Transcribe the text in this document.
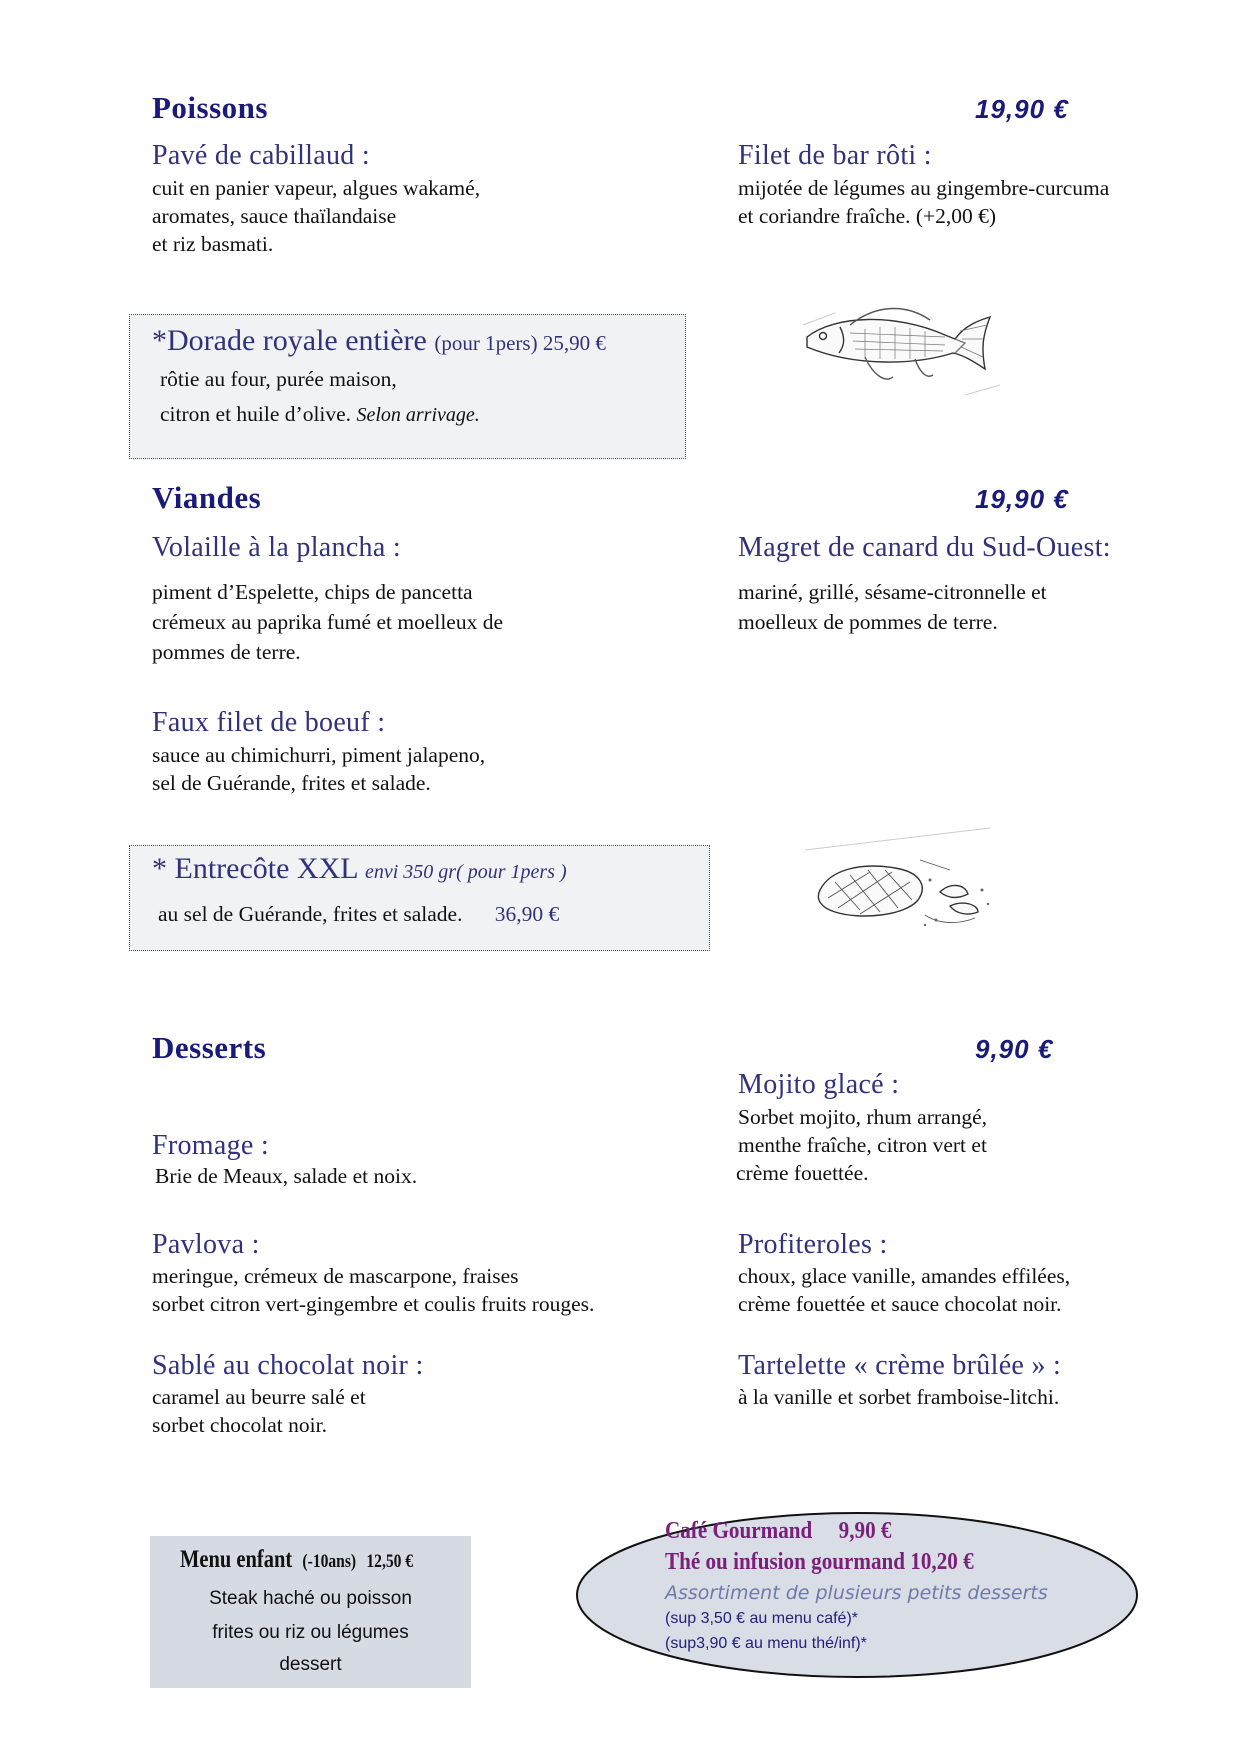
Poissons	19,90 €
Pavé de cabillaud :
cuit en panier vapeur, algues wakamé,
aromates, sauce thaïlandaise
et riz basmati.
Filet de bar rôti :
mijotée de légumes au gingembre-curcuma
et coriandre fraîche. (+2,00 €)
*Dorade royale entière (pour 1pers) 25,90 €
rôtie au four, purée maison,
citron et huile d’olive. Selon arrivage.
Viandes	19,90 €
Volaille à la plancha :
piment d’Espelette, chips de pancetta
crémeux au paprika fumé et moelleux de
pommes de terre.
Magret de canard du Sud-Ouest:
mariné, grillé, sésame-citronnelle et
moelleux de pommes de terre.
Faux filet de boeuf :
sauce au chimichurri, piment jalapeno,
sel de Guérande, frites et salade.
* Entrecôte XXL envi 350 gr( pour 1pers )
au sel de Guérande, frites et salade. 36,90 €
Desserts	9,90 €
Mojito glacé :
Sorbet mojito, rhum arrangé,
menthe fraîche, citron vert et
crème fouettée.
Fromage :
Brie de Meaux, salade et noix.
Pavlova :
meringue, crémeux de mascarpone, fraises
sorbet citron vert-gingembre et coulis fruits rouges.
Profiteroles :
choux, glace vanille, amandes effilées,
crème fouettée et sauce chocolat noir.
Sablé au chocolat noir :
caramel au beurre salé et
sorbet chocolat noir.
Tartelette « crème brûlée » :
à la vanille et sorbet framboise-litchi.
Menu enfant (-10ans) 12,50 €
Steak haché ou poisson
frites ou riz ou légumes
dessert
Café Gourmand 9,90 €
Thé ou infusion gourmand 10,20 €
Assortiment de plusieurs petits desserts
(sup 3,50 € au menu café)*
(sup3,90 € au menu thé/inf)*
